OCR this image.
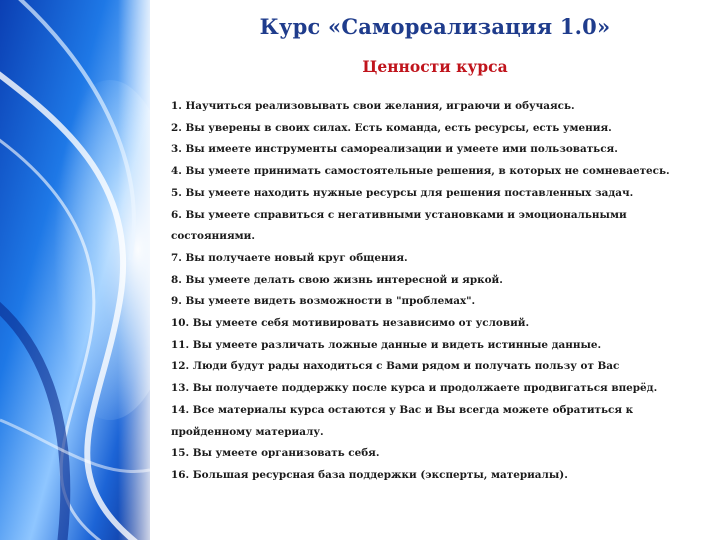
Курс «Самореализация 1.0»
Ценности курса
1. Научиться реализовывать свои желания, играючи и обучаясь.
2. Вы уверены в своих силах. Есть команда, есть ресурсы, есть умения.
3. Вы имеете инструменты самореализации и умеете ими пользоваться.
4. Вы умеете принимать самостоятельные решения, в которых не сомневаетесь.
5. Вы умеете находить нужные ресурсы для решения поставленных задач.
6. Вы умеете справиться с негативными установками и эмоциональными состояниями.
7. Вы получаете новый круг общения.
8. Вы умеете делать свою жизнь интересной и яркой.
9. Вы умеете видеть возможности в "проблемах".
10. Вы умеете себя мотивировать независимо от условий.
11. Вы умеете различать ложные данные и видеть истинные данные.
12. Люди будут рады находиться с Вами рядом и получать пользу от Вас
13. Вы получаете поддержку после курса и продолжаете продвигаться вперёд.
14. Все материалы курса остаются у Вас и Вы всегда можете обратиться к пройденному материалу.
15. Вы умеете организовать себя.
16. Большая ресурсная база поддержки (эксперты, материалы).
